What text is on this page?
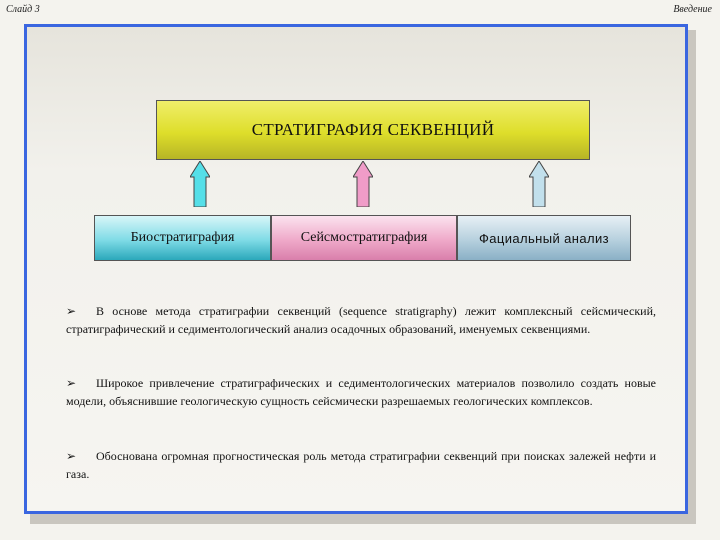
Слайд 3	Введение
СТРАТИГРАФИЯ СЕКВЕНЦИЙ
Биостратиграфия	Сейсмостратиграфия	Фациальный анализ
➢ В основе метода стратиграфии секвенций (sequence stratigraphy) лежит комплексный сейсмический, стратиграфический и седиментологический анализ осадочных образований, именуемых секвенциями.
➢ Широкое привлечение стратиграфических и седиментологических материалов позволило создать новые модели, объяснившие геологическую сущность сейсмически разрешаемых геологических комплексов.
➢ Обоснована огромная прогностическая роль метода стратиграфии секвенций при поисках залежей нефти и газа.
